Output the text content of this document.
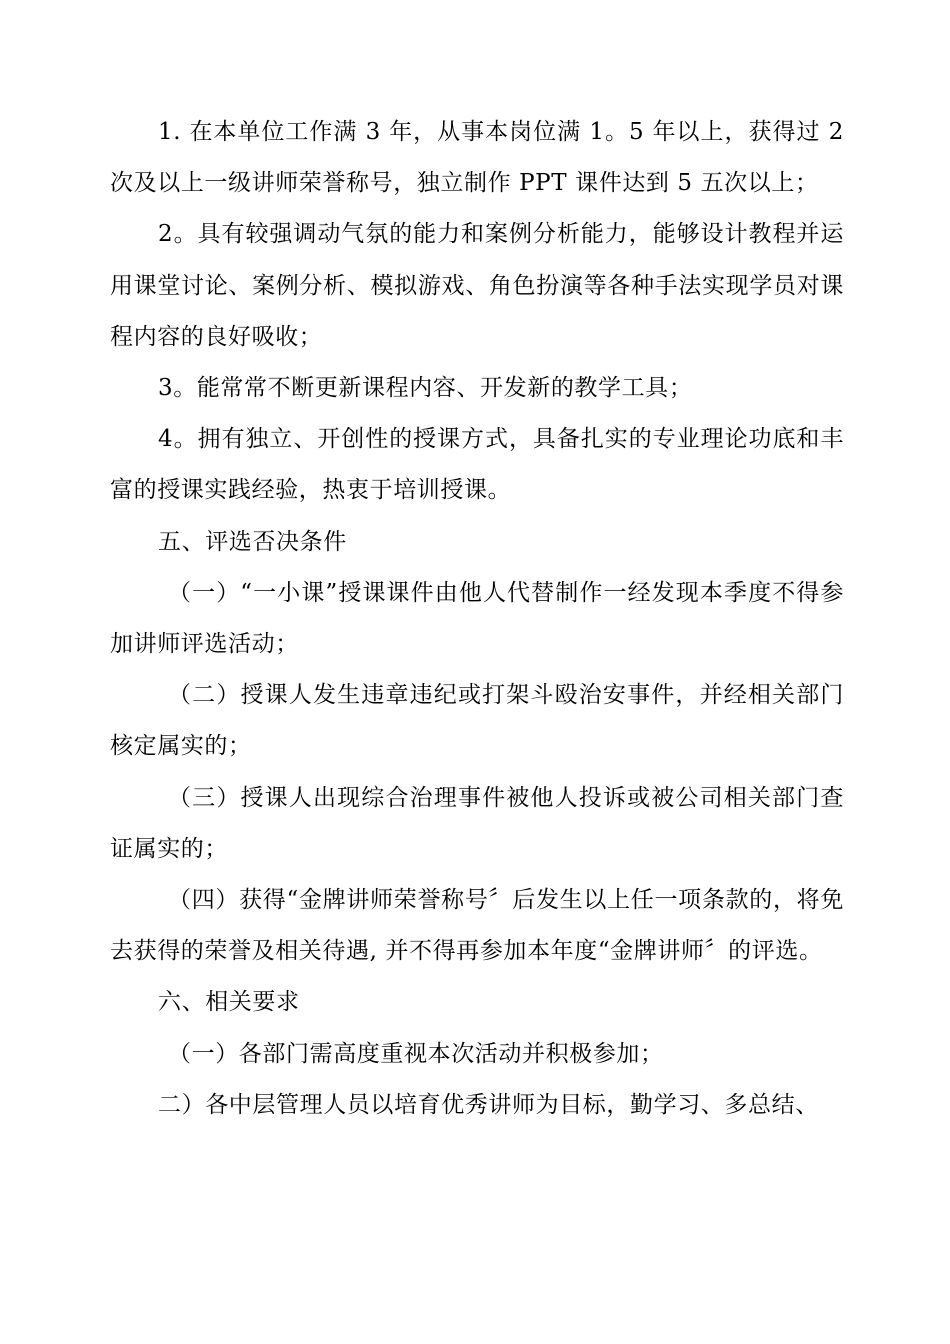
1. 在本单位工作满 3 年，从事本岗位满 1。5 年以上，获得过 2 次及以上一级讲师荣誉称号，独立制作 PPT 课件达到 5 五次以上；

2。具有较强调动气氛的能力和案例分析能力，能够设计教程并运用课堂讨论、案例分析、模拟游戏、角色扮演等各种手法实现学员对课程内容的良好吸收；

3。能常常不断更新课程内容、开发新的教学工具；

4。拥有独立、开创性的授课方式，具备扎实的专业理论功底和丰富的授课实践经验，热衷于培训授课。

五、评选否决条件

（一）“一小课”授课课件由他人代替制作一经发现本季度不得参加讲师评选活动；

（二）授课人发生违章违纪或打架斗殴治安事件，并经相关部门核定属实的；

（三）授课人出现综合治理事件被他人投诉或被公司相关部门查证属实的；

（四）获得“金牌讲师荣誉称号〞后发生以上任一项条款的，将免去获得的荣誉及相关待遇, 并不得再参加本年度“金牌讲师〞的评选。

六、相关要求

（一）各部门需高度重视本次活动并积极参加；

二）各中层管理人员以培育优秀讲师为目标，勤学习、多总结、
